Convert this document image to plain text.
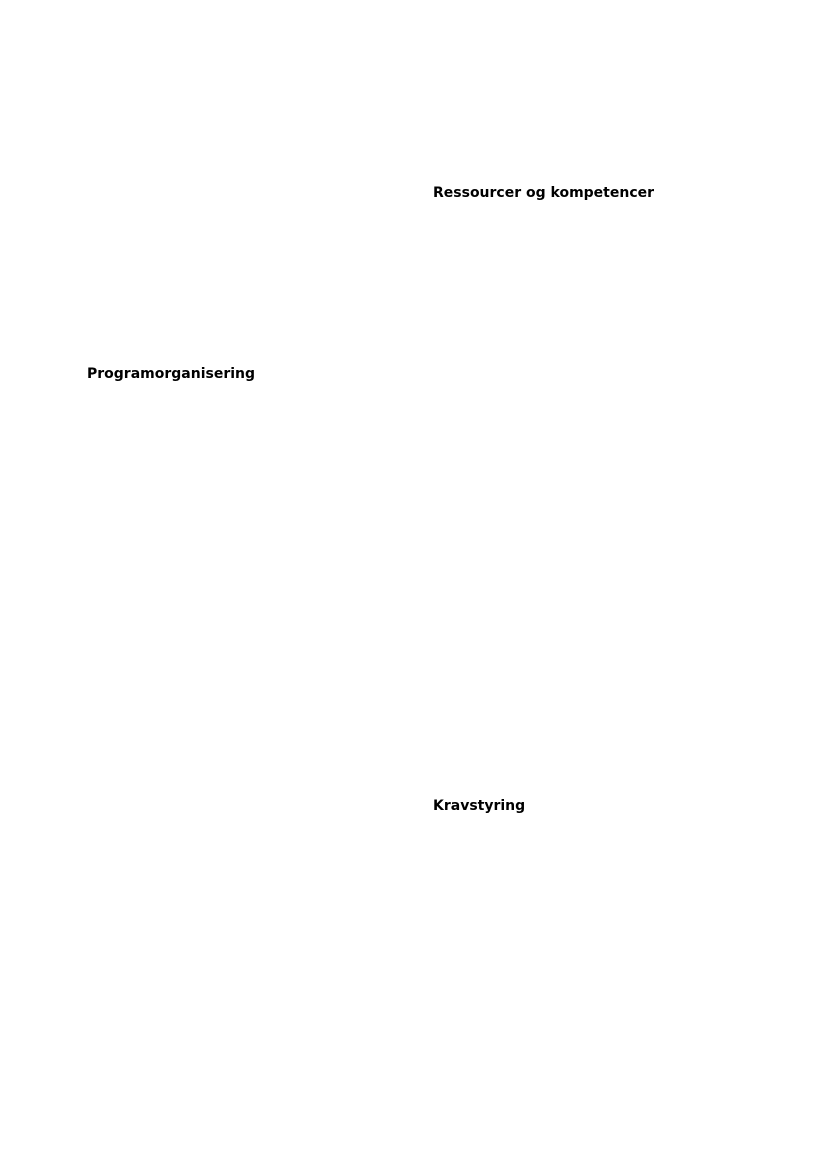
Ressourcer og kompetencer
Programorganisering
Kravstyring
